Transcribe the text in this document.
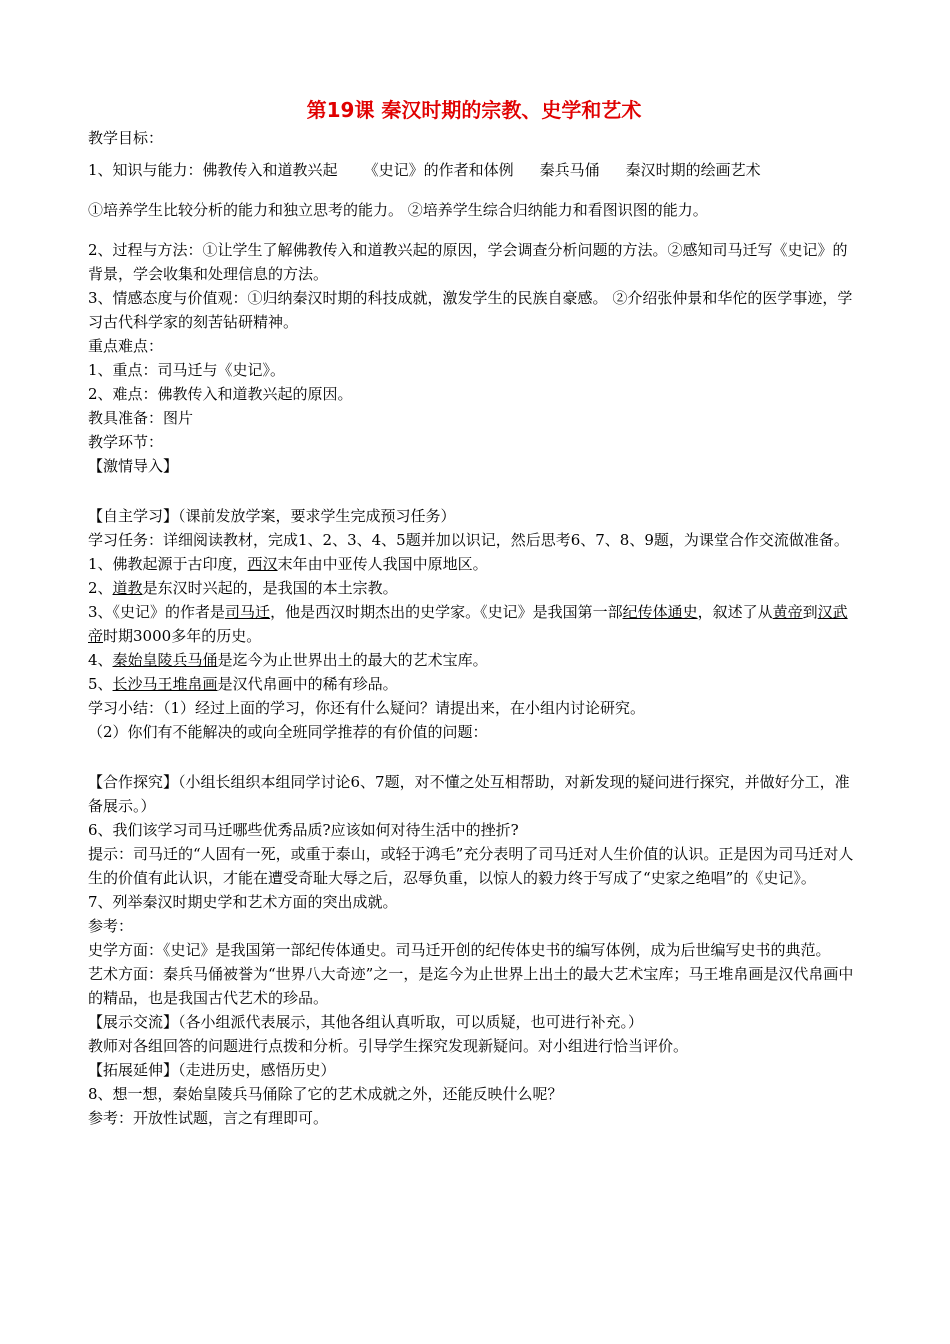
第19课 秦汉时期的宗教、史学和艺术
教学目标：
1、知识与能力：佛教传入和道教兴起 《史记》的作者和体例 秦兵马俑 秦汉时期的绘画艺术
①培养学生比较分析的能力和独立思考的能力。 ②培养学生综合归纳能力和看图识图的能力。
2、过程与方法：①让学生了解佛教传入和道教兴起的原因，学会调查分析问题的方法。②感知司马迁写《史记》的背景，学会收集和处理信息的方法。
3、情感态度与价值观：①归纳秦汉时期的科技成就，激发学生的民族自豪感。 ②介绍张仲景和华佗的医学事迹，学习古代科学家的刻苦钻研精神。
重点难点：
1、重点：司马迁与《史记》。
2、难点：佛教传入和道教兴起的原因。
教具准备：图片
教学环节：
【激情导入】
【自主学习】（课前发放学案，要求学生完成预习任务）
学习任务：详细阅读教材，完成1、2、3、4、5题并加以识记，然后思考6、7、8、9题，为课堂合作交流做准备。
1、佛教起源于古印度，西汉末年由中亚传人我国中原地区。
2、道教是东汉时兴起的，是我国的本土宗教。
3、《史记》的作者是司马迁，他是西汉时期杰出的史学家。《史记》是我国第一部纪传体通史，叙述了从黄帝到汉武帝时期3000多年的历史。
4、秦始皇陵兵马俑是迄今为止世界出土的最大的艺术宝库。
5、长沙马王堆帛画是汉代帛画中的稀有珍品。
学习小结：（1）经过上面的学习，你还有什么疑问？请提出来，在小组内讨论研究。
（2）你们有不能解决的或向全班同学推荐的有价值的问题：
【合作探究】（小组长组织本组同学讨论6、7题，对不懂之处互相帮助，对新发现的疑问进行探究，并做好分工，准备展示。）
6、我们该学习司马迁哪些优秀品质?应该如何对待生活中的挫折?
提示：司马迁的“人固有一死，或重于泰山，或轻于鸿毛”充分表明了司马迁对人生价值的认识。正是因为司马迁对人生的价值有此认识，才能在遭受奇耻大辱之后，忍辱负重，以惊人的毅力终于写成了“史家之绝唱”的《史记》。
7、列举秦汉时期史学和艺术方面的突出成就。
参考：
史学方面：《史记》是我国第一部纪传体通史。司马迁开创的纪传体史书的编写体例，成为后世编写史书的典范。
艺术方面：秦兵马俑被誉为“世界八大奇迹”之一，是迄今为止世界上出土的最大艺术宝库；马王堆帛画是汉代帛画中的精品，也是我国古代艺术的珍品。
【展示交流】（各小组派代表展示，其他各组认真听取，可以质疑，也可进行补充。）
教师对各组回答的问题进行点拨和分析。引导学生探究发现新疑问。对小组进行恰当评价。
【拓展延伸】（走进历史，感悟历史）
8、想一想，秦始皇陵兵马俑除了它的艺术成就之外，还能反映什么呢？
参考：开放性试题，言之有理即可。
